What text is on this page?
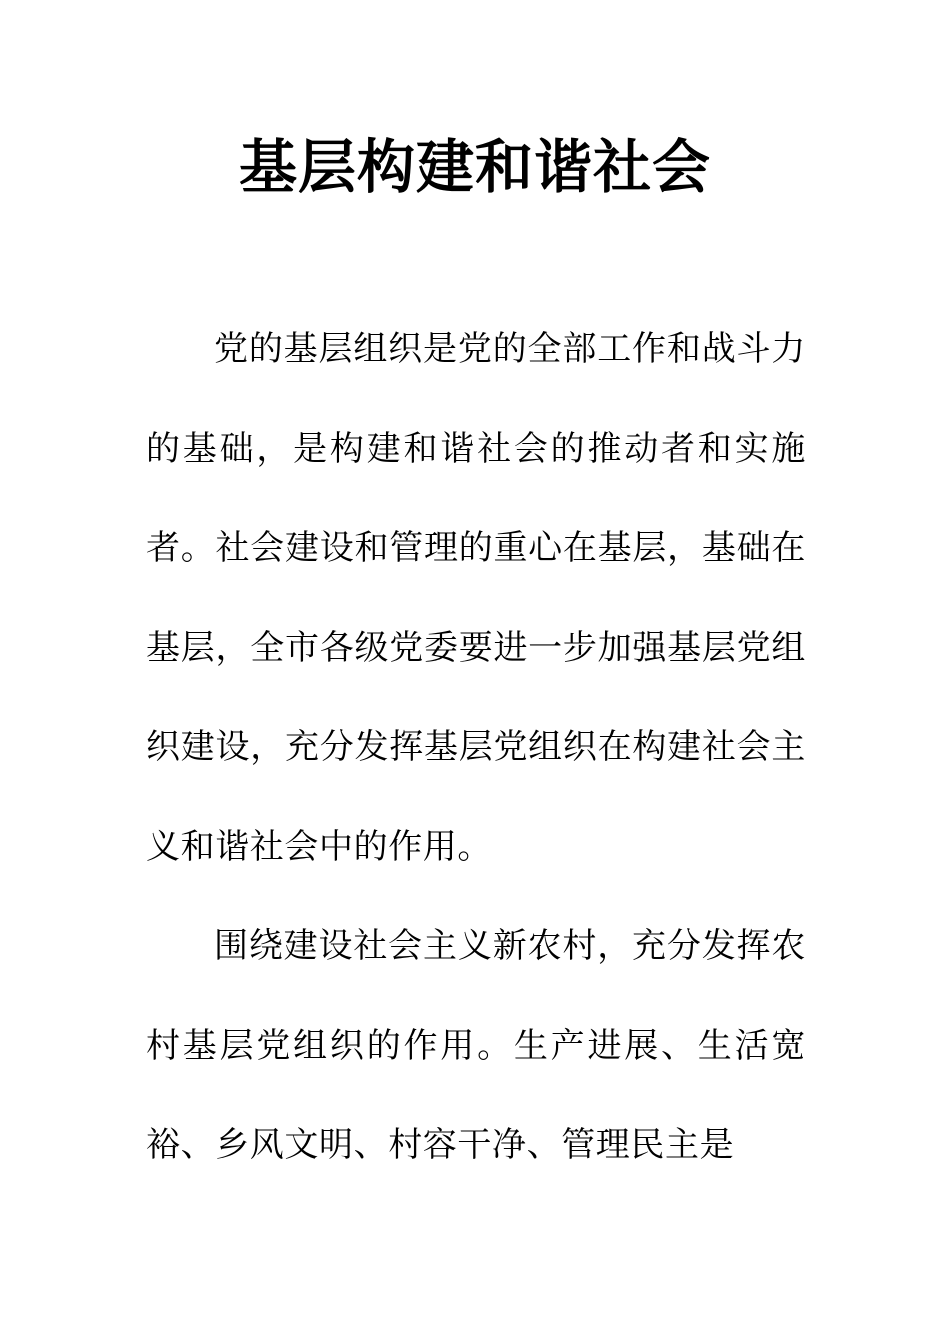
基层构建和谐社会

党的基层组织是党的全部工作和战斗力的基础，是构建和谐社会的推动者和实施者。社会建设和管理的重心在基层，基础在基层，全市各级党委要进一步加强基层党组织建设，充分发挥基层党组织在构建社会主义和谐社会中的作用。

围绕建设社会主义新农村，充分发挥农村基层党组织的作用。生产进展、生活宽裕、乡风文明、村容干净、管理民主是
